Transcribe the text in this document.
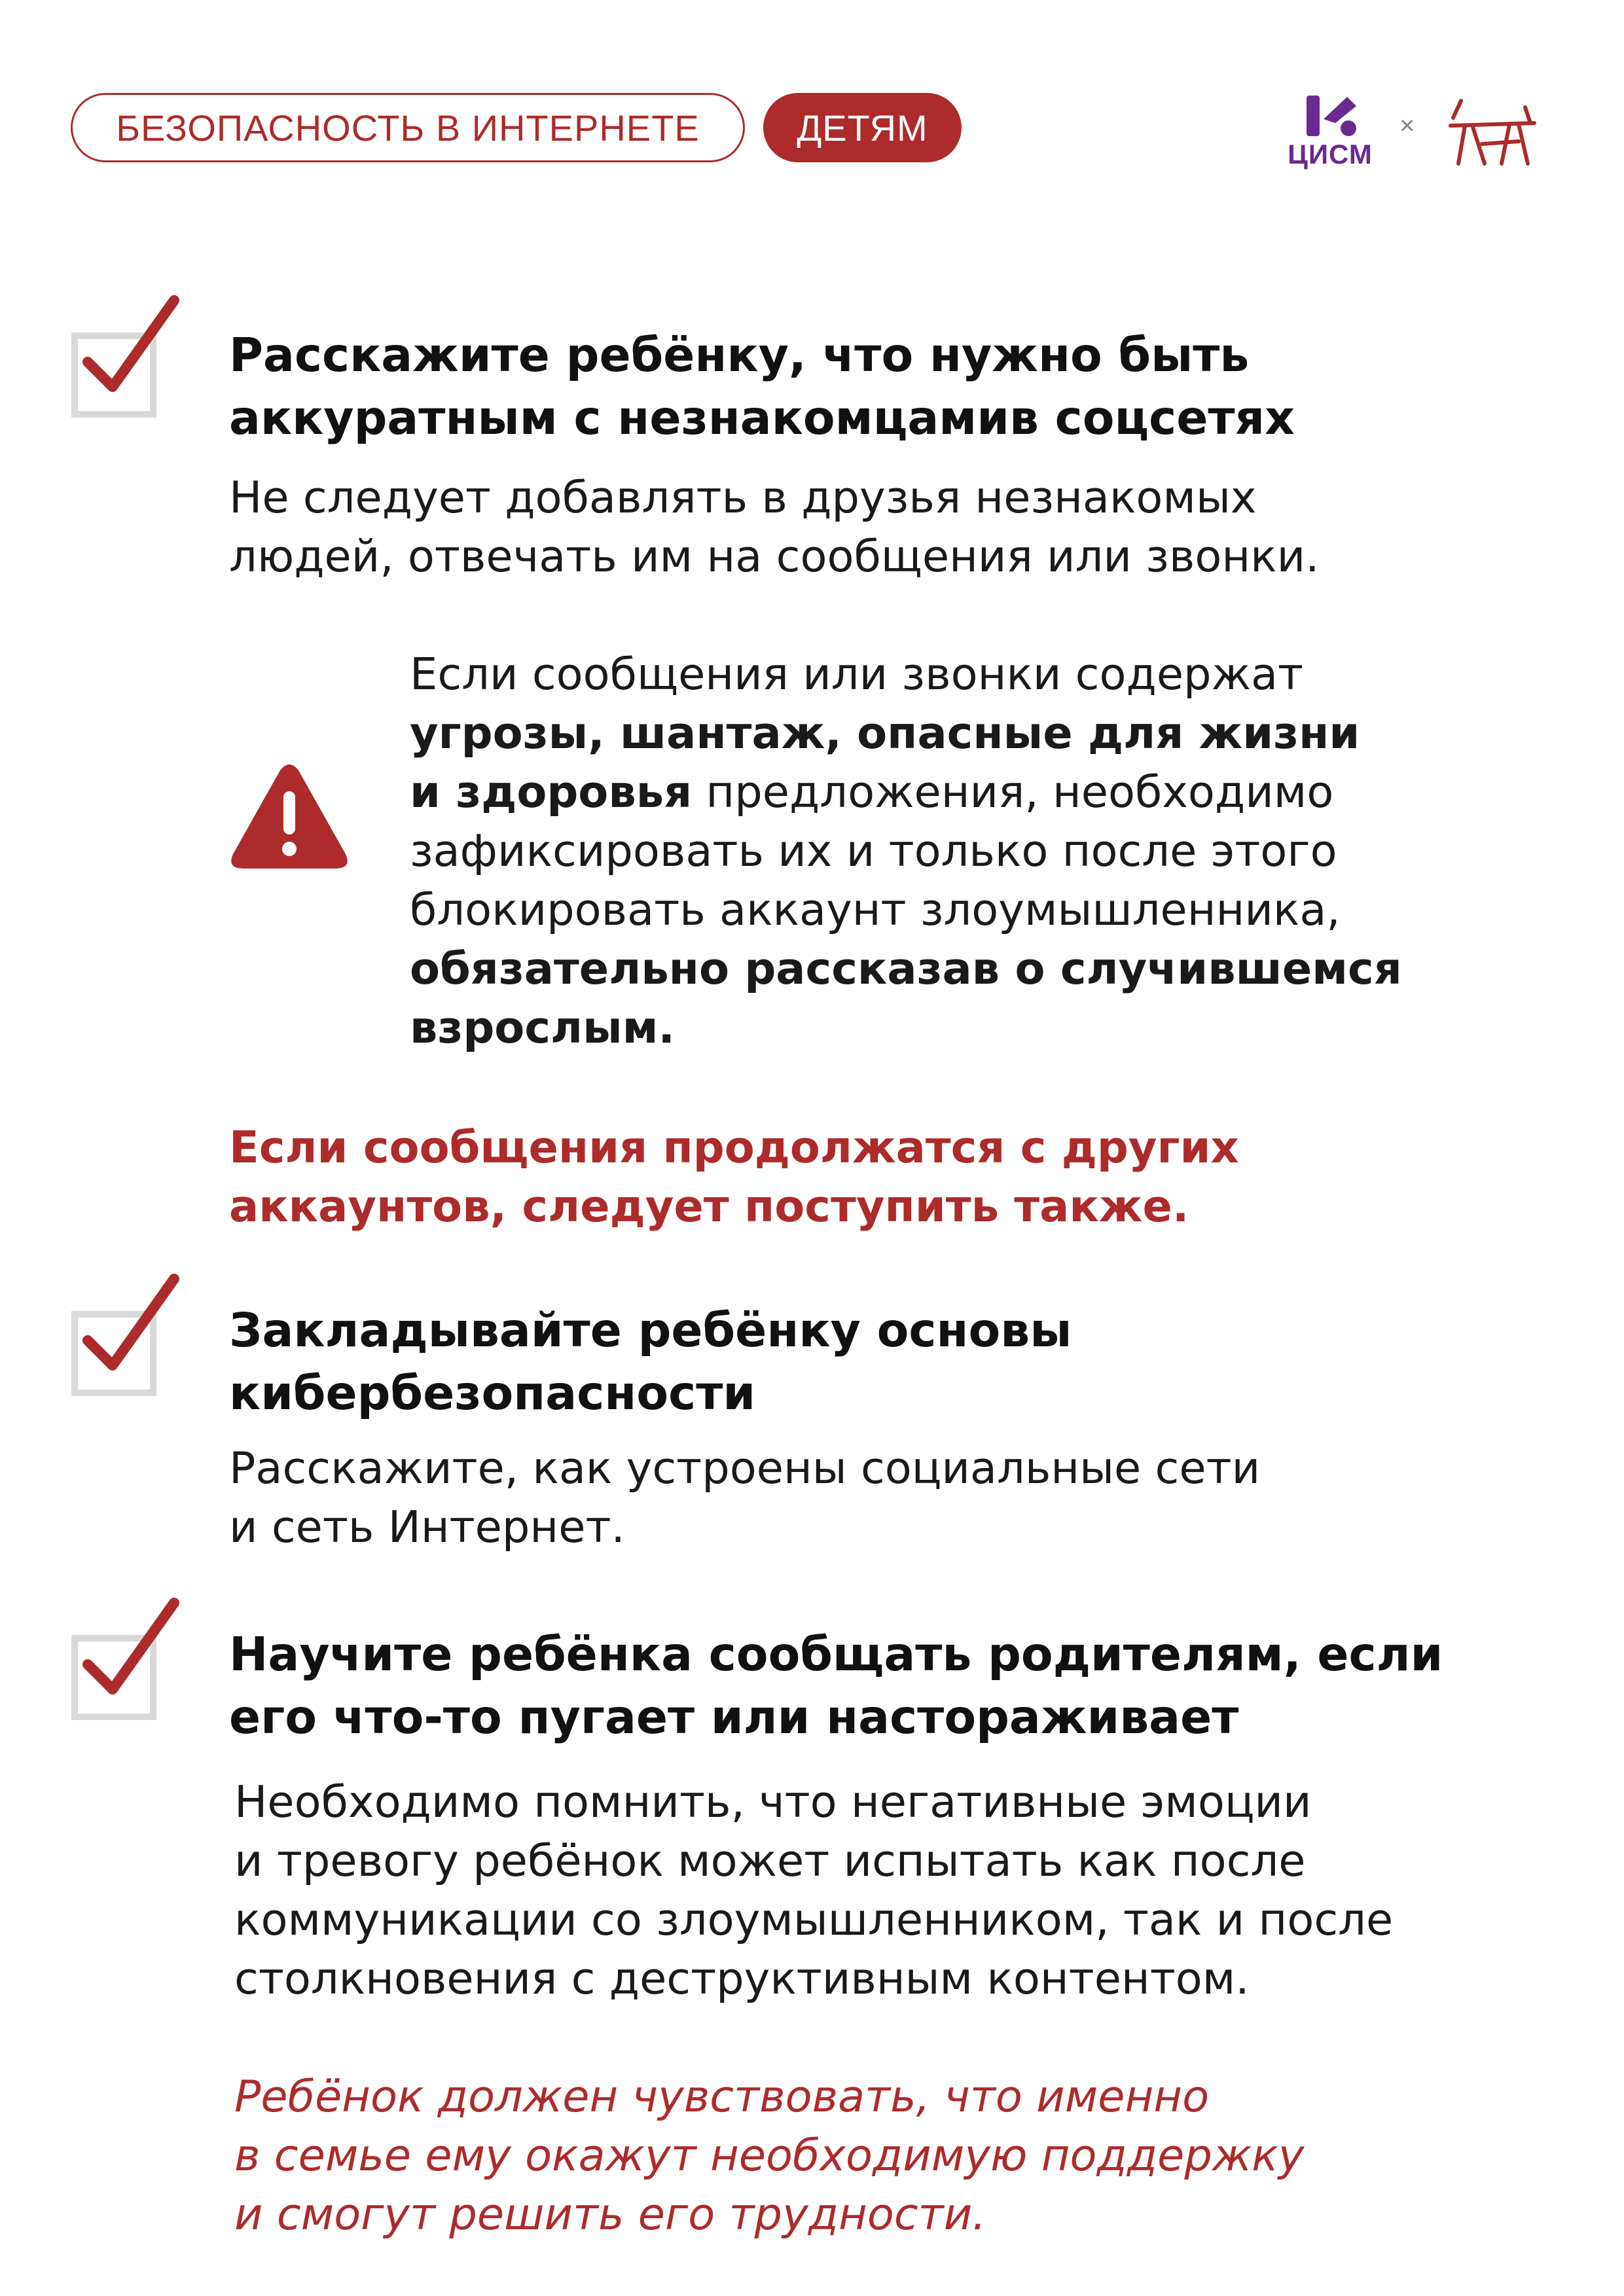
БЕЗОПАСНОСТЬ В ИНТЕРНЕТЕ	ДЕТЯМ
ЦИСМ
×
Расскажите ребёнку, что нужно быть
аккуратным с незнакомцамив соцсетях
Не следует добавлять в друзья незнакомых
людей, отвечать им на сообщения или звонки.
Если сообщения или звонки содержат
угрозы, шантаж, опасные для жизни
и здоровья предложения, необходимо
зафиксировать их и только после этого
блокировать аккаунт злоумышленника,
обязательно рассказав о случившемся
взрослым.
Если сообщения продолжатся с других
аккаунтов, следует поступить также.
Закладывайте ребёнку основы
кибербезопасности
Расскажите, как устроены социальные сети
и сеть Интернет.
Научите ребёнка сообщать родителям, если
его что-то пугает или настораживает
Необходимо помнить, что негативные эмоции
и тревогу ребёнок может испытать как после
коммуникации со злоумышленником, так и после
столкновения с деструктивным контентом.
Ребёнок должен чувствовать, что именно
в семье ему окажут необходимую поддержку
и смогут решить его трудности.
